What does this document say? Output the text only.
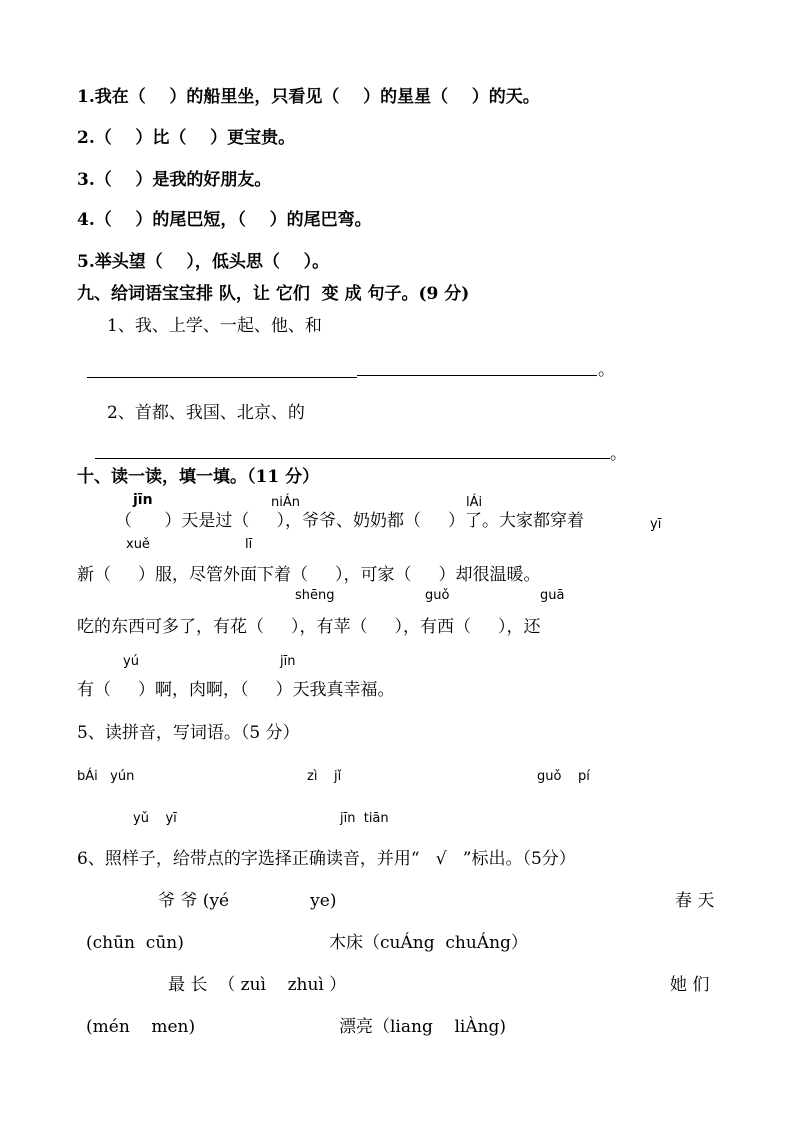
1.我在（    ）的船里坐，只看见（    ）的星星（    ）的天。
2.（    ）比（    ）更宝贵。
3.（    ）是我的好朋友。
4.（    ）的尾巴短，（    ）的尾巴弯。
5.举头望（    ），低头思（    ）。
九、给词语宝宝排 队，让 它们  变 成 句子。(9 分)
1、我、上学、一起、他、和
。
2、首都、我国、北京、的
。
十、读一读，填一填。（11 分）
jīn	niÁn	lÁi
（      ）天是过（     ），爷爷、奶奶都（     ）了。大家都穿着	yī
xuě	lī
新（     ）服，尽管外面下着（     ），可家（     ）却很温暖。
shēng	guǒ	guā
吃的东西可多了，有花（     ），有苹（     ），有西（     ），还
yú	jīn
有（     ）啊，肉啊，（     ）天我真幸福。
5、读拼音，写词语。（5 分）
bÁi   yún	zì    jǐ	guǒ    pí
yǔ    yī	jīn  tiān
6、照样子，给带点的字选择正确读音，并用“   √   ”标出。（5分）
爷 爷 (yé               ye)	春 天
(chūn  cūn)	木床（cuÁng  chuÁng）
最 长  （ zuì    zhuì ）	她 们
(mén    men)	漂亮（liang    liÀng)
